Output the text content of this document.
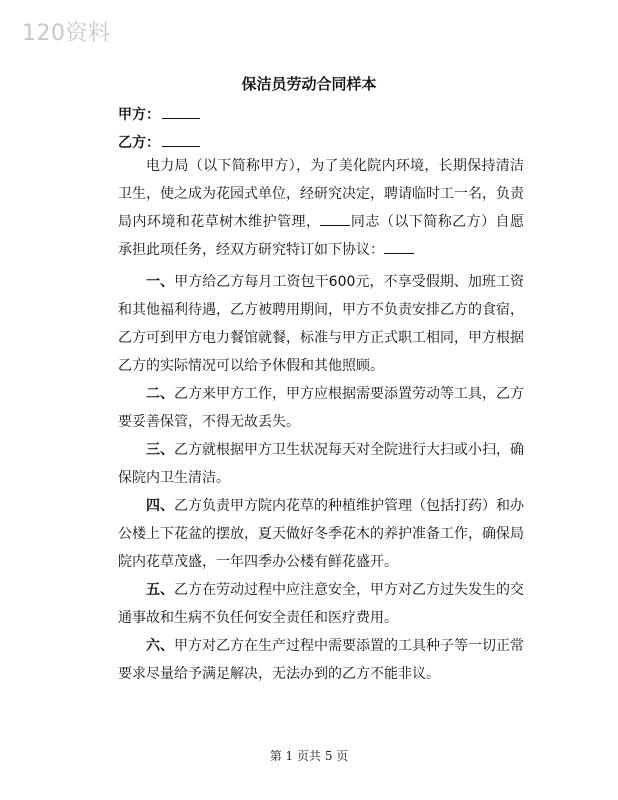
120资料
保洁员劳动合同样本
甲方：
乙方：

电力局（以下简称甲方），为了美化院内环境，长期保持清洁卫生，使之成为花园式单位，经研究决定，聘请临时工一名，负责局内环境和花草树木维护管理， 同志（以下简称乙方）自愿承担此项任务，经双方研究特订如下协议：

一、甲方给乙方每月工资包干600元，不享受假期、加班工资和其他福利待遇，乙方被聘用期间，甲方不负责安排乙方的食宿，乙方可到甲方电力餐馆就餐，标准与甲方正式职工相同，甲方根据乙方的实际情况可以给予休假和其他照顾。

二、乙方来甲方工作，甲方应根据需要添置劳动等工具，乙方要妥善保管，不得无故丢失。

三、乙方就根据甲方卫生状况每天对全院进行大扫或小扫，确保院内卫生清洁。

四、乙方负责甲方院内花草的种植维护管理（包括打药）和办公楼上下花盆的摆放，夏天做好冬季花木的养护准备工作，确保局院内花草茂盛，一年四季办公楼有鲜花盛开。

五、乙方在劳动过程中应注意安全，甲方对乙方过失发生的交通事故和生病不负任何安全责任和医疗费用。

六、甲方对乙方在生产过程中需要添置的工具种子等一切正常要求尽量给予满足解决，无法办到的乙方不能非议。

第 1 页共 5 页
